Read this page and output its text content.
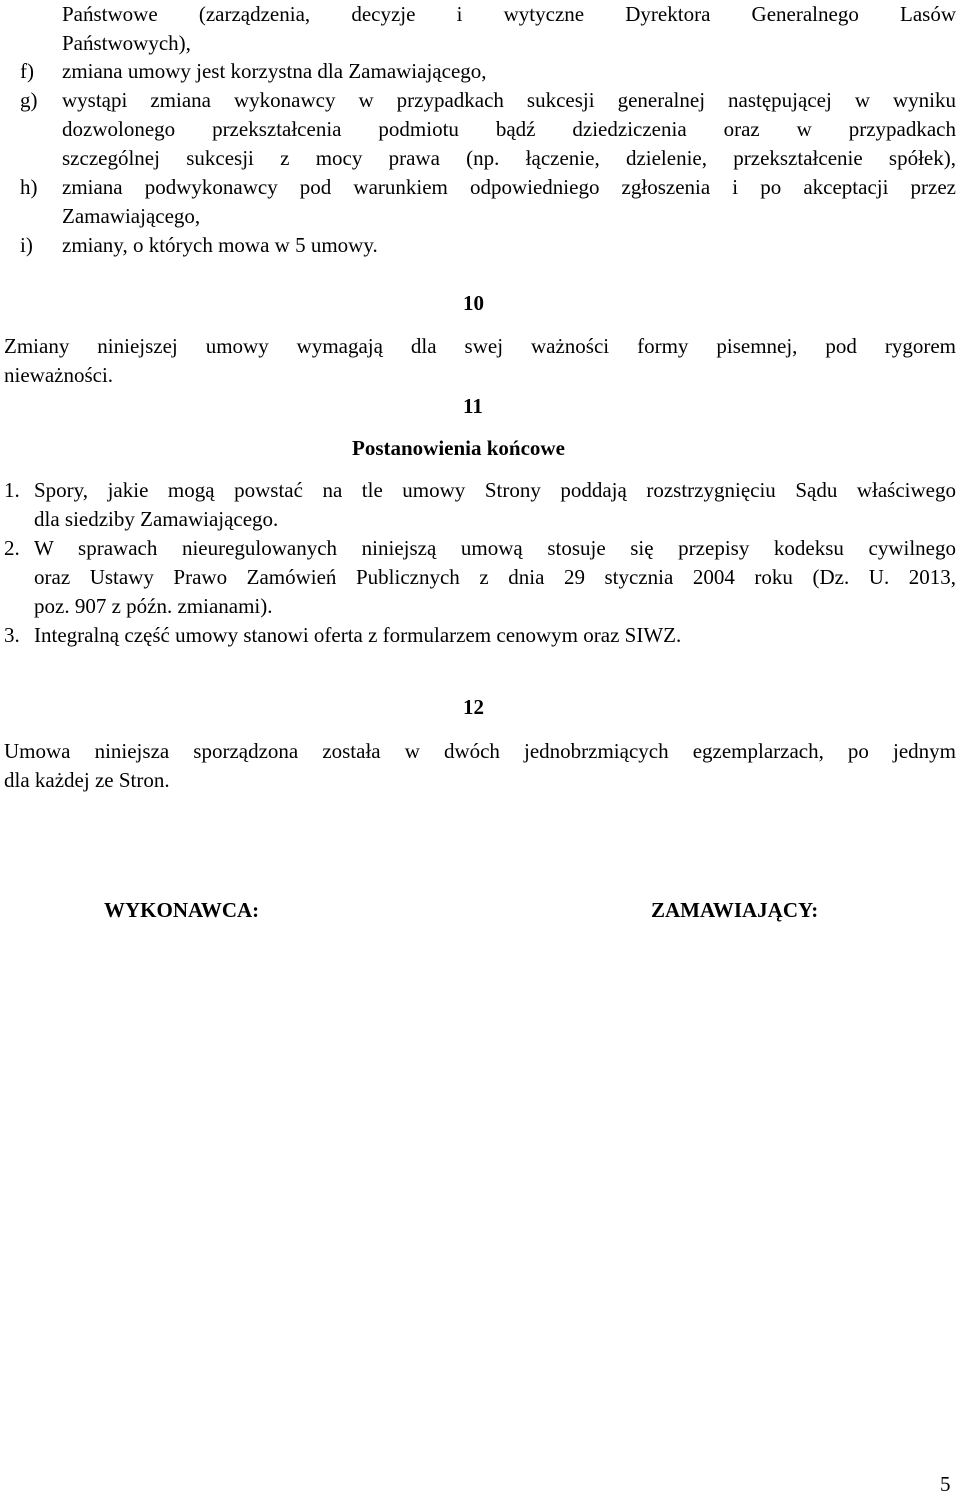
Państwowe (zarządzenia, decyzje i wytyczne Dyrektora Generalnego Lasów
Państwowych),
f) zmiana umowy jest korzystna dla Zamawiającego,
g) wystąpi zmiana wykonawcy w przypadkach sukcesji generalnej następującej w wyniku
dozwolonego przekształcenia podmiotu bądź dziedziczenia oraz w przypadkach
szczególnej sukcesji z mocy prawa (np. łączenie, dzielenie, przekształcenie spółek),
h) zmiana podwykonawcy pod warunkiem odpowiedniego zgłoszenia i po akceptacji przez
Zamawiającego,
i) zmiany, o których mowa w 5 umowy.
10
Zmiany niniejszej umowy wymagają dla swej ważności formy pisemnej, pod rygorem
nieważności.
11
Postanowienia końcowe
1. Spory, jakie mogą powstać na tle umowy Strony poddają rozstrzygnięciu Sądu właściwego
dla siedziby Zamawiającego.
2. W sprawach nieuregulowanych niniejszą umową stosuje się przepisy kodeksu cywilnego
oraz Ustawy Prawo Zamówień Publicznych z dnia 29 stycznia 2004 roku (Dz. U. 2013,
poz. 907 z późn. zmianami).
3. Integralną część umowy stanowi oferta z formularzem cenowym oraz SIWZ.
12
Umowa niniejsza sporządzona została w dwóch jednobrzmiących egzemplarzach, po jednym
dla każdej ze Stron.
WYKONAWCA:	ZAMAWIAJĄCY:
5
